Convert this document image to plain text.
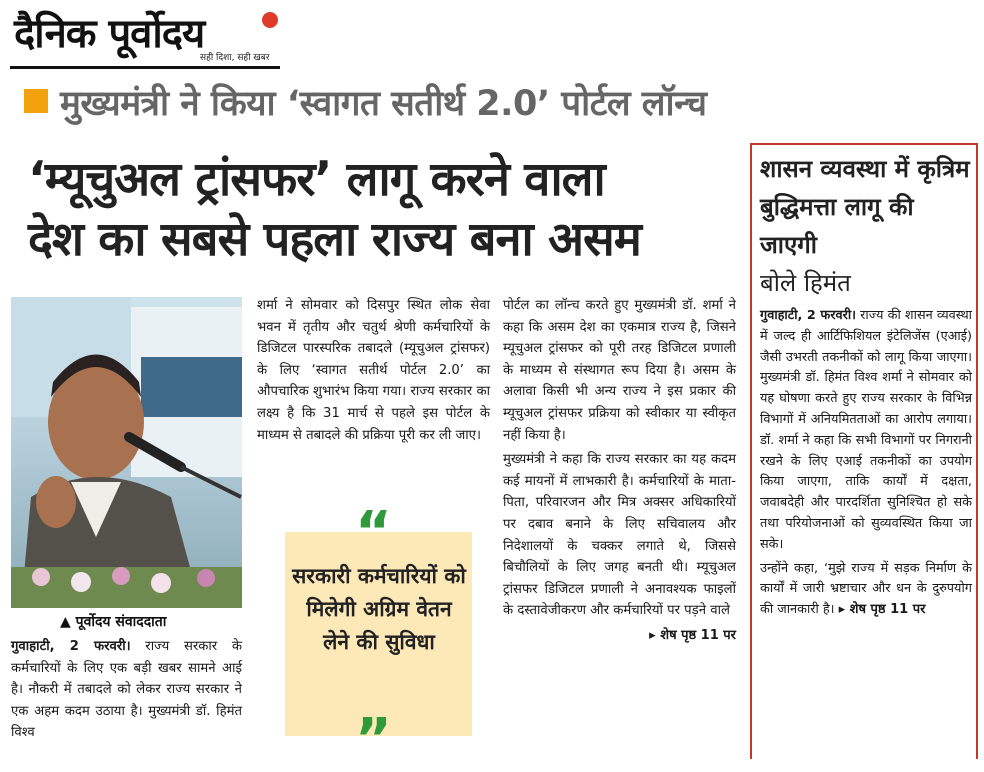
दैनिक पूर्वोदय
सही दिशा, सही खबर
मुख्यमंत्री ने किया ‘स्वागत सतीर्थ 2.0’ पोर्टल लॉन्च
‘म्यूचुअल ट्रांसफर’ लागू करने वाला
देश का सबसे पहला राज्य बना असम
▲ पूर्वोदय संवाददाता

गुवाहाटी, 2 फरवरी। राज्य सरकार के कर्मचारियों के लिए एक बड़ी खबर सामने आई है। नौकरी में तबादले को लेकर राज्य सरकार ने एक अहम कदम उठाया है। मुख्यमंत्री डॉ. हिमंत विश्व

शर्मा ने सोमवार को दिसपुर स्थित लोक सेवा भवन में तृतीय और चतुर्थ श्रेणी कर्मचारियों के डिजिटल पारस्परिक तबादले (म्यूचुअल ट्रांसफर) के लिए ‘स्वागत सतीर्थ पोर्टल 2.0’ का औपचारिक शुभारंभ किया गया। राज्य सरकार का लक्ष्य है कि 31 मार्च से पहले इस पोर्टल के माध्यम से तबादले की प्रक्रिया पूरी कर ली जाए।

“
सरकारी कर्मचारियों को मिलेगी अग्रिम वेतन लेने की सुविधा
”

पोर्टल का लॉन्च करते हुए मुख्यमंत्री डॉ. शर्मा ने कहा कि असम देश का एकमात्र राज्य है, जिसने म्यूचुअल ट्रांसफर को पूरी तरह डिजिटल प्रणाली के माध्यम से संस्थागत रूप दिया है। असम के अलावा किसी भी अन्य राज्य ने इस प्रकार की म्यूचुअल ट्रांसफर प्रक्रिया को स्वीकार या स्वीकृत नहीं किया है।

मुख्यमंत्री ने कहा कि राज्य सरकार का यह कदम कई मायनों में लाभकारी है। कर्मचारियों के माता-पिता, परिवारजन और मित्र अक्सर अधिकारियों पर दबाव बनाने के लिए सचिवालय और निदेशालयों के चक्कर लगाते थे, जिससे बिचौलियों के लिए जगह बनती थी। म्यूचुअल ट्रांसफर डिजिटल प्रणाली ने अनावश्यक फाइलों के दस्तावेजीकरण और कर्मचारियों पर पड़ने वाले

▸ शेष पृष्ठ 11 पर
शासन व्यवस्था में कृत्रिम बुद्धिमत्ता लागू की जाएगी
बोले हिमंत

गुवाहाटी, 2 फरवरी। राज्य की शासन व्यवस्था में जल्द ही आर्टिफिशियल इंटेलिजेंस (एआई) जैसी उभरती तकनीकों को लागू किया जाएगा। मुख्यमंत्री डॉ. हिमंत विश्व शर्मा ने सोमवार को यह घोषणा करते हुए राज्य सरकार के विभिन्न विभागों में अनियमितताओं का आरोप लगाया। डॉ. शर्मा ने कहा कि सभी विभागों पर निगरानी रखने के लिए एआई तकनीकों का उपयोग किया जाएगा, ताकि कार्यों में दक्षता, जवाबदेही और पारदर्शिता सुनिश्चित हो सके तथा परियोजनाओं को सुव्यवस्थित किया जा सके।

उन्होंने कहा, ‘मुझे राज्य में सड़क निर्माण के कार्यों में जारी भ्रष्टाचार और धन के दुरुपयोग की जानकारी है। ▸ शेष पृष्ठ 11 पर
